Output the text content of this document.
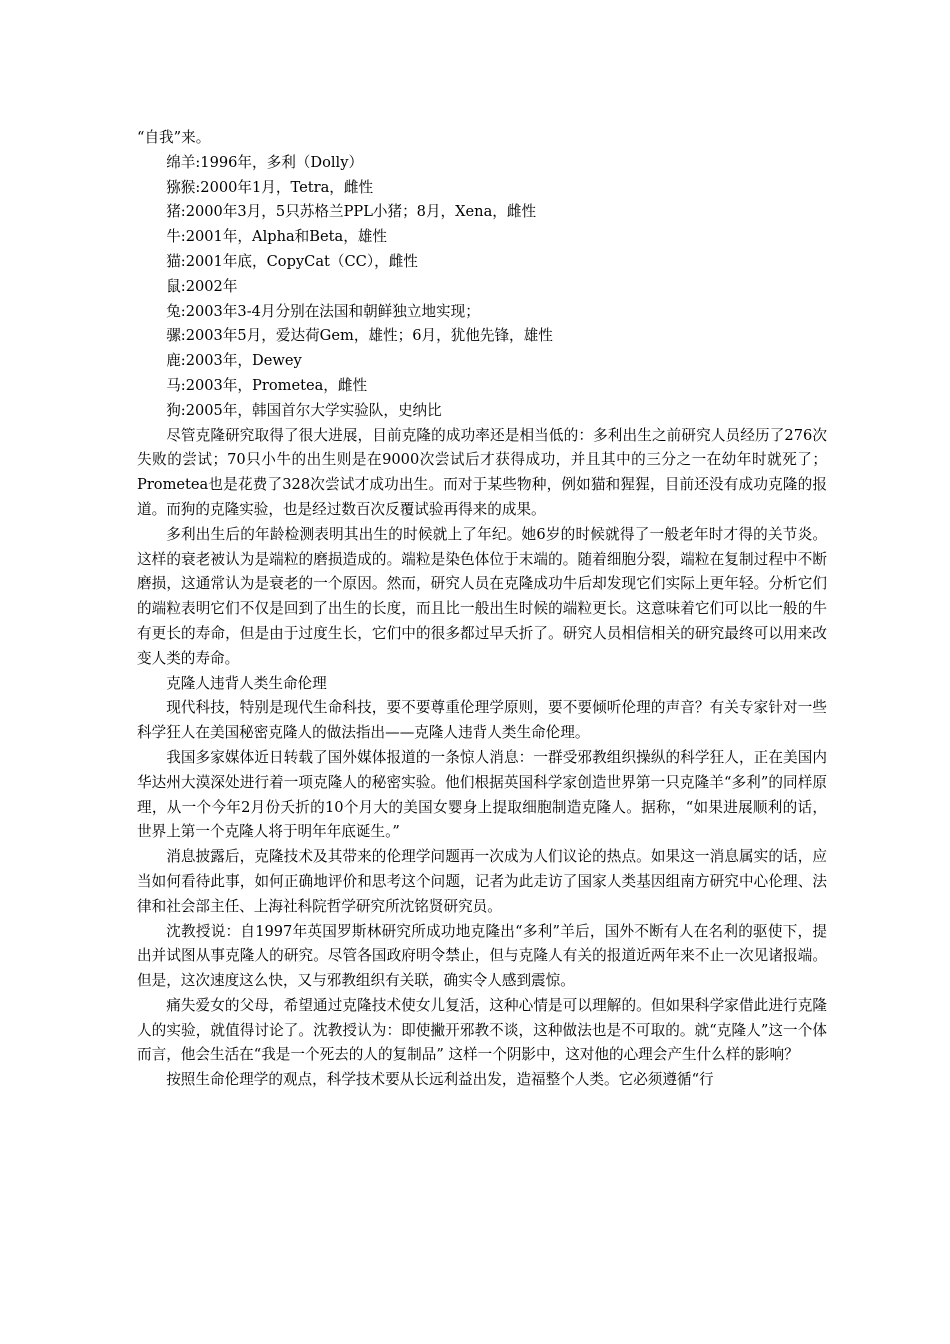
“自我”来。

绵羊:1996年，多利（Dolly）

猕猴:2000年1月，Tetra，雌性

猪:2000年3月，5只苏格兰PPL小猪；8月，Xena，雌性

牛:2001年，Alpha和Beta，雄性

猫:2001年底，CopyCat（CC），雌性

鼠:2002年

兔:2003年3-4月分别在法国和朝鲜独立地实现；

骡:2003年5月，爱达荷Gem，雄性；6月，犹他先锋，雄性

鹿:2003年，Dewey

马:2003年，Prometea，雌性

狗:2005年，韩国首尔大学实验队，史纳比

尽管克隆研究取得了很大进展，目前克隆的成功率还是相当低的：多利出生之前研究人员经历了276次失败的尝试；70只小牛的出生则是在9000次尝试后才获得成功，并且其中的三分之一在幼年时就死了；Prometea也是花费了328次尝试才成功出生。而对于某些物种，例如猫和猩猩，目前还没有成功克隆的报道。而狗的克隆实验，也是经过数百次反覆试验再得来的成果。

多利出生后的年龄检测表明其出生的时候就上了年纪。她6岁的时候就得了一般老年时才得的关节炎。这样的衰老被认为是端粒的磨损造成的。端粒是染色体位于末端的。随着细胞分裂，端粒在复制过程中不断磨损，这通常认为是衰老的一个原因。然而，研究人员在克隆成功牛后却发现它们实际上更年轻。分析它们的端粒表明它们不仅是回到了出生的长度，而且比一般出生时候的端粒更长。这意味着它们可以比一般的牛有更长的寿命，但是由于过度生长，它们中的很多都过早夭折了。研究人员相信相关的研究最终可以用来改变人类的寿命。

克隆人违背人类生命伦理

现代科技，特别是现代生命科技，要不要尊重伦理学原则，要不要倾听伦理的声音？有关专家针对一些科学狂人在美国秘密克隆人的做法指出——克隆人违背人类生命伦理。

我国多家媒体近日转载了国外媒体报道的一条惊人消息：一群受邪教组织操纵的科学狂人，正在美国内华达州大漠深处进行着一项克隆人的秘密实验。他们根据英国科学家创造世界第一只克隆羊“多利”的同样原理，从一个今年2月份夭折的10个月大的美国女婴身上提取细胞制造克隆人。据称，“如果进展顺利的话，世界上第一个克隆人将于明年年底诞生。”

消息披露后，克隆技术及其带来的伦理学问题再一次成为人们议论的热点。如果这一消息属实的话，应当如何看待此事，如何正确地评价和思考这个问题，记者为此走访了国家人类基因组南方研究中心伦理、法律和社会部主任、上海社科院哲学研究所沈铭贤研究员。

沈教授说：自1997年英国罗斯林研究所成功地克隆出“多利”羊后，国外不断有人在名利的驱使下，提出并试图从事克隆人的研究。尽管各国政府明令禁止，但与克隆人有关的报道近两年来不止一次见诸报端。但是，这次速度这么快，又与邪教组织有关联，确实令人感到震惊。

痛失爱女的父母，希望通过克隆技术使女儿复活，这种心情是可以理解的。但如果科学家借此进行克隆人的实验，就值得讨论了。沈教授认为：即使撇开邪教不谈，这种做法也是不可取的。就“克隆人”这一个体而言，他会生活在“我是一个死去的人的复制品” 这样一个阴影中，这对他的心理会产生什么样的影响？

按照生命伦理学的观点，科学技术要从长远利益出发，造福整个人类。它必须遵循“行
